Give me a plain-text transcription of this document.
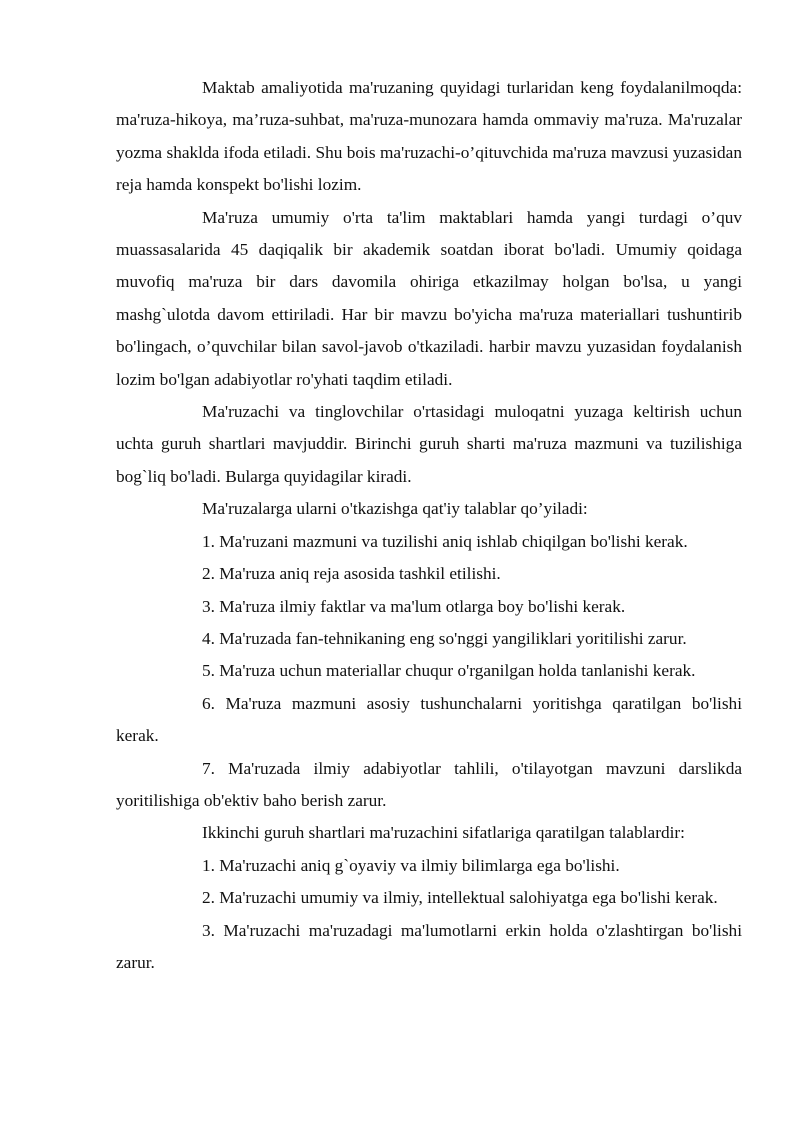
Maktab amaliyotida ma'ruzaning quyidagi turlaridan keng foydalanilmoqda: ma'ruza-hikoya, ma’ruza-suhbat, ma'ruza-munozara hamda ommaviy ma'ruza. Ma'ruzalar yozma shaklda ifoda etiladi. Shu bois ma'ruzachi-o’qituvchida ma'ruza mavzusi yuzasidan reja hamda konspekt bo'lishi lozim.

Ma'ruza umumiy o'rta ta'lim maktablari hamda yangi turdagi o’quv muassasalarida 45 daqiqalik bir akademik soatdan iborat bo'ladi. Umumiy qoidaga muvofiq ma'ruza bir dars davomila ohiriga etkazilmay holgan bo'lsa, u yangi mashg`ulotda davom ettiriladi. Har bir mavzu bo'yicha ma'ruza materiallari tushuntirib bo'lingach, o’quvchilar bilan savol-javob o'tkaziladi. harbir mavzu yuzasidan foydalanish lozim bo'lgan adabiyotlar ro'yhati taqdim etiladi.

Ma'ruzachi va tinglovchilar o'rtasidagi muloqatni yuzaga keltirish uchun uchta guruh shartlari mavjuddir. Birinchi guruh sharti ma'ruza mazmuni va tuzilishiga bog`liq bo'ladi. Bularga quyidagilar kiradi.

Ma'ruzalarga ularni o'tkazishga qat'iy talablar qo’yiladi:

1. Ma'ruzani mazmuni va tuzilishi aniq ishlab chiqilgan bo'lishi kerak.

2. Ma'ruza aniq reja asosida tashkil etilishi.

3. Ma'ruza ilmiy faktlar va ma'lum otlarga boy bo'lishi kerak.

4. Ma'ruzada fan-tehnikaning eng so'nggi yangiliklari yoritilishi zarur.

5. Ma'ruza uchun materiallar chuqur o'rganilgan holda tanlanishi kerak.

6. Ma'ruza mazmuni asosiy tushunchalarni yoritishga qaratilgan bo'lishi kerak.

7. Ma'ruzada ilmiy adabiyotlar tahlili, o'tilayotgan mavzuni darslikda yoritilishiga ob'ektiv baho berish zarur.

Ikkinchi guruh shartlari ma'ruzachini sifatlariga qaratilgan talablardir:

1. Ma'ruzachi aniq g`oyaviy va ilmiy bilimlarga ega bo'lishi.

2. Ma'ruzachi umumiy va ilmiy, intellektual salohiyatga ega bo'lishi kerak.

3. Ma'ruzachi ma'ruzadagi ma'lumotlarni erkin holda o'zlashtirgan bo'lishi zarur.
